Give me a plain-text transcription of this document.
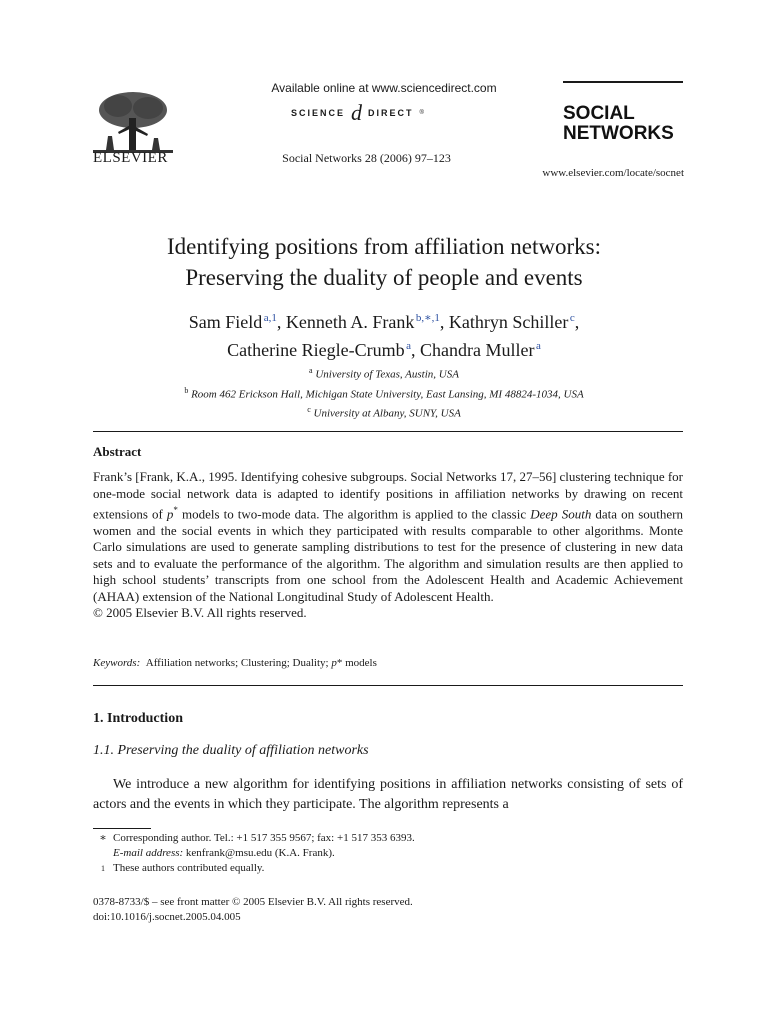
ELSEVIER
Available online at www.sciencedirect.com
SCIENCE d DIRECT ®
Social Networks 28 (2006) 97–123
SOCIAL
NETWORKS
www.elsevier.com/locate/socnet
Identifying positions from affiliation networks:
Preserving the duality of people and events
Sam Field  $^{a,1}$, Kenneth A. Frank  $^{b,∗,1}$, Kathryn Schiller  $^c$,
Catherine Riegle-Crumb  $^a$, Chandra Muller  $^a$
$^a$ University of Texas, Austin, USA
$^b$ Room 462 Erickson Hall, Michigan State University, East Lansing, MI 48824-1034, USA
$^c$ University at Albany, SUNY, USA
Abstract
Frank’s [Frank, K.A., 1995. Identifying cohesive subgroups. Social Networks 17, 27–56] clustering technique for one-mode social network data is adapted to identify positions in affiliation networks by drawing on recent extensions of p* models to two-mode data. The algorithm is applied to the classic Deep South data on southern women and the social events in which they participated with results comparable to other algorithms. Monte Carlo simulations are used to generate sampling distributions to test for the presence of clustering in new data sets and to evaluate the performance of the algorithm. The algorithm and simulation results are then applied to high school students’ transcripts from one school from the Adolescent Health and Academic Achievement (AHAA) extension of the National Longitudinal Study of Adolescent Health.
© 2005 Elsevier B.V. All rights reserved.
Keywords: Affiliation networks; Clustering; Duality; p* models
1. Introduction
1.1. Preserving the duality of affiliation networks
We introduce a new algorithm for identifying positions in affiliation networks consisting of sets of actors and the events in which they participate. The algorithm represents a
∗ Corresponding author. Tel.: +1 517 355 9567; fax: +1 517 353 6393.
E-mail address: kenfrank@msu.edu (K.A. Frank).
1 These authors contributed equally.
0378-8733/$ – see front matter © 2005 Elsevier B.V. All rights reserved.
doi:10.1016/j.socnet.2005.04.005
